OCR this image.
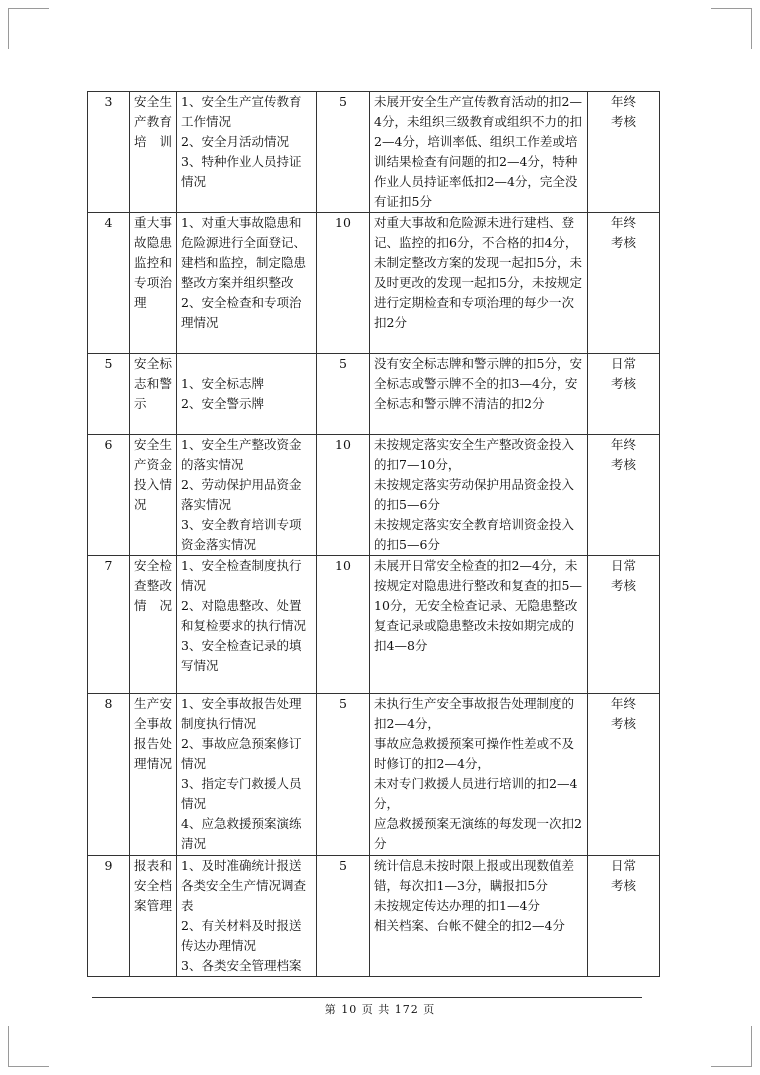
3	安全生产教育培训	1、安全生产宣传教育工作情况
2、安全月活动情况
3、特种作业人员持证情况	5	未展开安全生产宣传教育活动的扣2—4分，未组织三级教育或组织不力的扣2—4分，培训率低、组织工作差或培训结果检查有问题的扣2—4分，特种作业人员持证率低扣2—4分，完全没有证扣5分	年终
考核

4	重大事故隐患监控和专项治理	1、对重大事故隐患和危险源进行全面登记、建档和监控，制定隐患整改方案并组织整改
2、安全检查和专项治理情况	10	对重大事故和危险源未进行建档、登记、监控的扣6分，不合格的扣4分，未制定整改方案的发现一起扣5分，未及时更改的发现一起扣5分，未按规定进行定期检查和专项治理的每少一次扣2分	年终
考核

5	安全标志和警示	1、安全标志牌
2、安全警示牌	5	没有安全标志牌和警示牌的扣5分，安全标志或警示牌不全的扣3—4分，安全标志和警示牌不清洁的扣2分	日常
考核

6	安全生产资金投入情况	1、安全生产整改资金的落实情况
2、劳动保护用品资金落实情况
3、安全教育培训专项资金落实情况	10	未按规定落实安全生产整改资金投入的扣7—10分，
未按规定落实劳动保护用品资金投入的扣5—6分
未按规定落实安全教育培训资金投入的扣5—6分	年终
考核

7	安全检查整改情况	1、安全检查制度执行情况
2、对隐患整改、处置和复检要求的执行情况
3、安全检查记录的填写情况	10	未展开日常安全检查的扣2—4分，未按规定对隐患进行整改和复查的扣5—10分，无安全检查记录、无隐患整改复查记录或隐患整改未按如期完成的扣4—8分	日常
考核

8	生产安全事故报告处理情况	1、安全事故报告处理制度执行情况
2、事故应急预案修订情况
3、指定专门救援人员情况
4、应急救援预案演练清况	5	未执行生产安全事故报告处理制度的扣2—4分，
事故应急救援预案可操作性差或不及时修订的扣2—4分，
未对专门救援人员进行培训的扣2—4分，
应急救援预案无演练的每发现一次扣2分	年终
考核

9	报表和安全档案管理	1、及时准确统计报送各类安全生产情况调查表
2、有关材料及时报送传达办理情况
3、各类安全管理档案	5	统计信息未按时限上报或出现数值差错，每次扣1—3分，瞒报扣5分
未按规定传达办理的扣1—4分
相关档案、台帐不健全的扣2—4分	日常
考核
第 10 页 共 172 页
